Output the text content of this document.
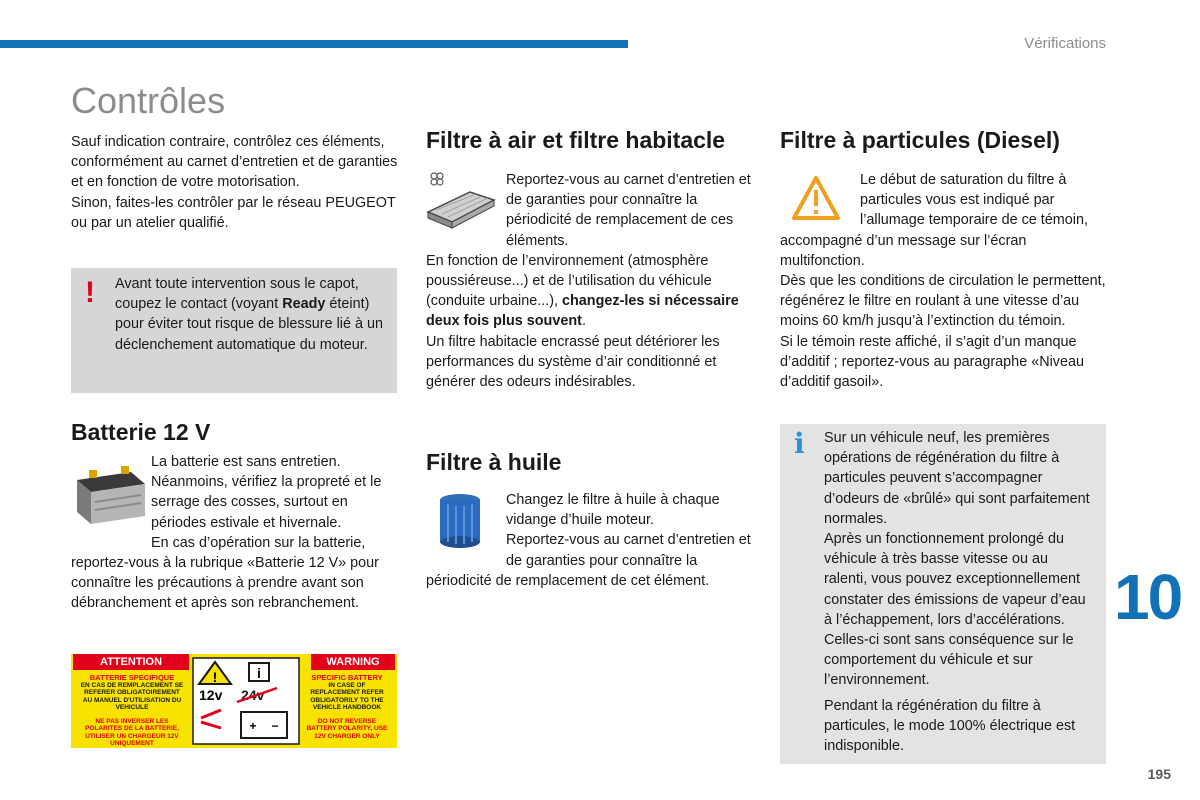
Vérifications
Contrôles

Sauf indication contraire, contrôlez ces éléments, conformément au carnet d’entretien et de garanties et en fonction de votre motorisation.

Sinon, faites-les contrôler par le réseau PEUGEOT ou par un atelier qualifié.

! Avant toute intervention sous le capot, coupez le contact (voyant Ready éteint) pour éviter tout risque de blessure lié à un déclenchement automatique du moteur.

Batterie 12 V

La batterie est sans entretien.

Néanmoins, vérifiez la propreté et le serrage des cosses, surtout en périodes estivale et hivernale.

En cas d’opération sur la batterie, reportez-vous à la rubrique «Batterie 12 V» pour connaître les précautions à prendre avant son débranchement et après son rebranchement.

ATTENTION	WARNING
BATTERIE SPECIFIQUE
EN CAS DE REMPLACEMENT SE REFERER OBLIGATOIREMENT AU MANUEL D'UTILISATION DU VEHICULE
NE PAS INVERSER LES POLARITES DE LA BATTERIE, UTILISER UN CHARGEUR 12V UNIQUEMENT
SPECIFIC BATTERY
IN CASE OF REPLACEMENT REFER OBLIGATORILY TO THE VEHICLE HANDBOOK
DO NOT REVERSE BATTERY POLARITY, USE 12V CHARGER ONLY
!	i
12v 24v
+ −
Filtre à air et filtre habitacle

Reportez-vous au carnet d’entretien et de garanties pour connaître la périodicité de remplacement de ces éléments.

En fonction de l’environnement (atmosphère poussiéreuse...) et de l’utilisation du véhicule (conduite urbaine...), changez-les si nécessaire deux fois plus souvent.

Un filtre habitacle encrassé peut détériorer les performances du système d’air conditionné et générer des odeurs indésirables.

Filtre à huile

Changez le filtre à huile à chaque vidange d’huile moteur.

Reportez-vous au carnet d’entretien et de garanties pour connaître la périodicité de remplacement de cet élément.

Filtre à particules (Diesel)

Le début de saturation du filtre à particules vous est indiqué par l’allumage temporaire de ce témoin, accompagné d’un message sur l’écran multifonction.

Dès que les conditions de circulation le permettent, régénérez le filtre en roulant à une vitesse d’au moins 60 km/h jusqu’à l’extinction du témoin.

Si le témoin reste affiché, il s’agit d’un manque d’additif ; reportez-vous au paragraphe «Niveau d’additif gasoil».

i Sur un véhicule neuf, les premières opérations de régénération du filtre à particules peuvent s’accompagner d’odeurs de «brûlé» qui sont parfaitement normales.

Après un fonctionnement prolongé du véhicule à très basse vitesse ou au ralenti, vous pouvez exceptionnellement constater des émissions de vapeur d’eau à l’échappement, lors d’accélérations. Celles-ci sont sans conséquence sur le comportement du véhicule et sur l’environnement.

Pendant la régénération du filtre à particules, le mode 100% électrique est indisponible.

10
195
